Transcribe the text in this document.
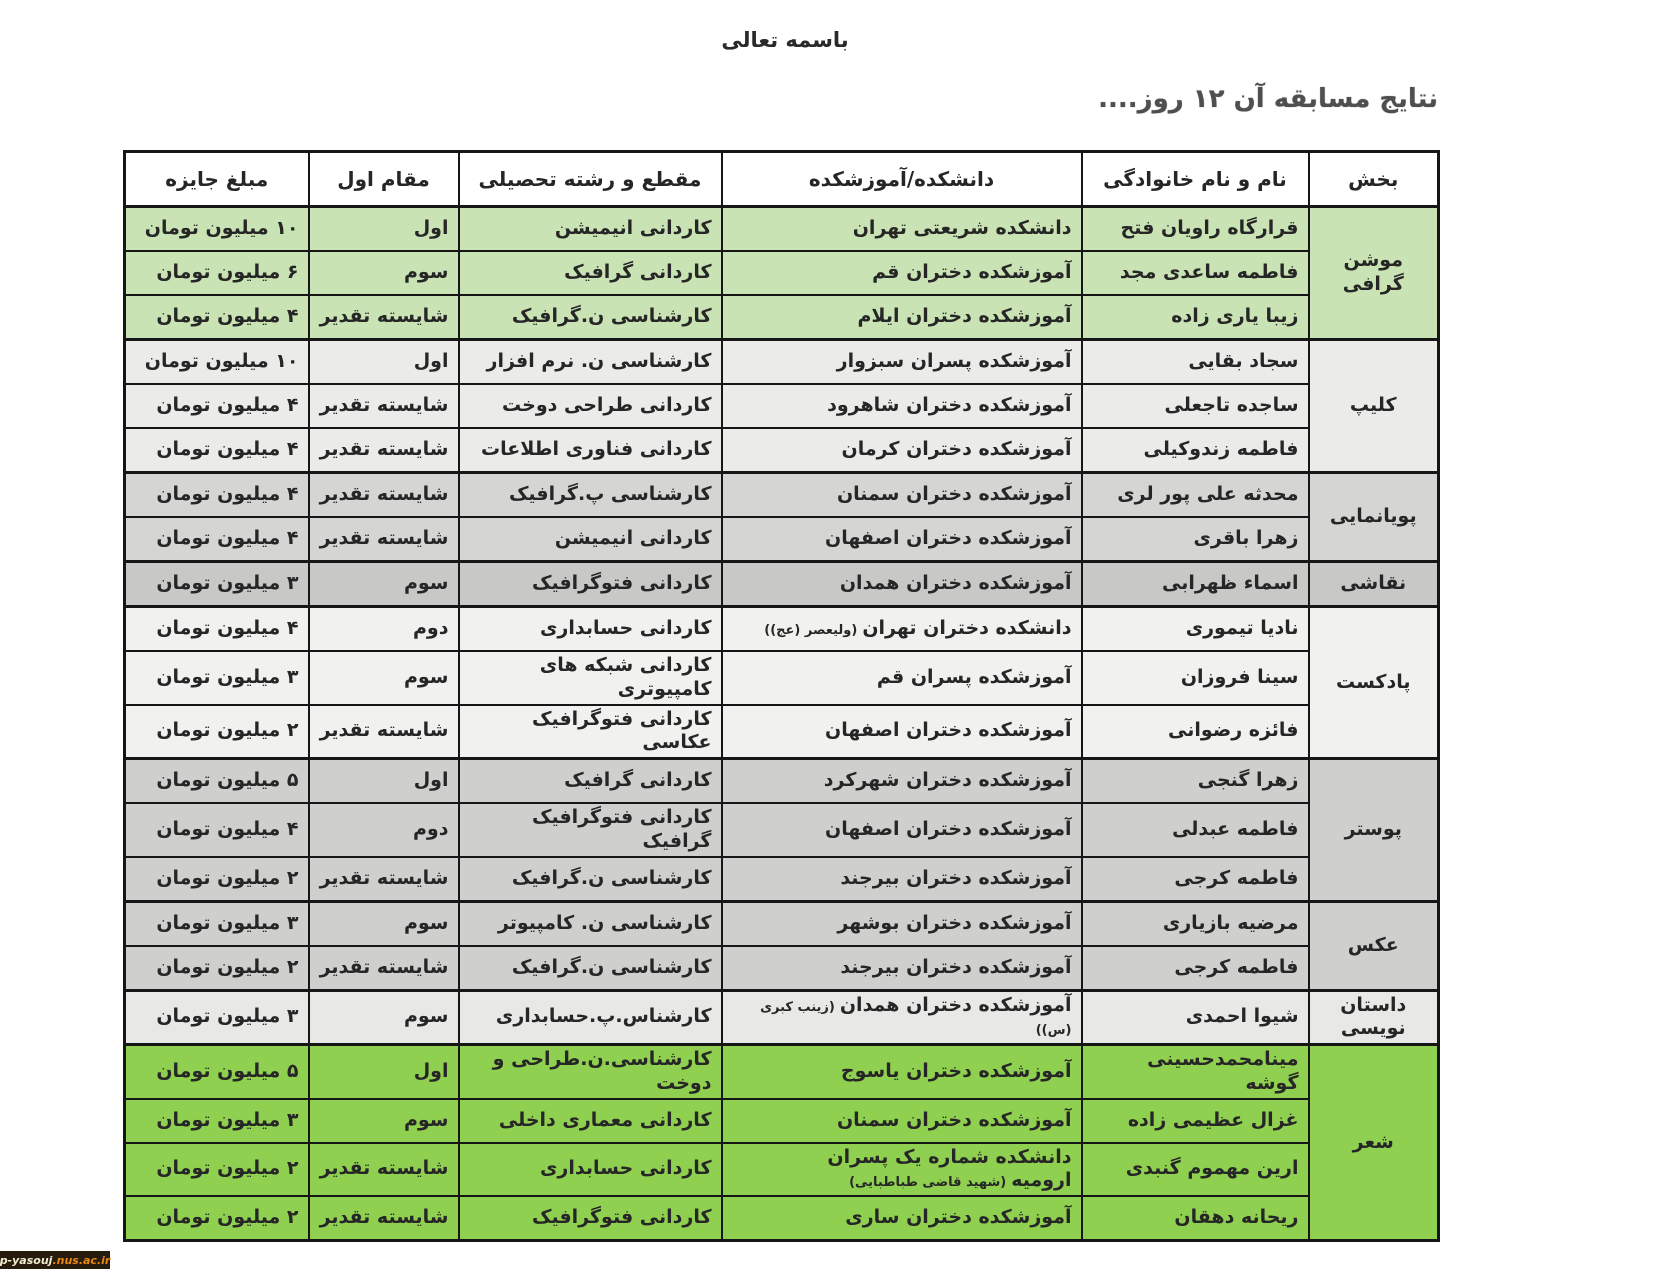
باسمه تعالی
نتایج مسابقه آن ۱۲ روز....
بخش	نام و نام خانوادگی	دانشکده/آموزشکده	مقطع و رشته تحصیلی	مقام اول	مبلغ جایزه
موشن گرافی	قرارگاه راویان فتح	دانشکده شریعتی تهران	کاردانی انیمیشن	اول	۱۰ میلیون تومان
	فاطمه ساعدی مجد	آموزشکده دختران قم	کاردانی گرافیک	سوم	۶ میلیون تومان
	زیبا یاری زاده	آموزشکده دختران ایلام	کارشناسی ن.گرافیک	شایسته تقدیر	۴ میلیون تومان
کلیپ	سجاد بقایی	آموزشکده پسران سبزوار	کارشناسی ن. نرم افزار	اول	۱۰ میلیون تومان
	ساجده تاجعلی	آموزشکده دختران شاهرود	کاردانی طراحی دوخت	شایسته تقدیر	۴ میلیون تومان
	فاطمه زندوکیلی	آموزشکده دختران کرمان	کاردانی فناوری اطلاعات	شایسته تقدیر	۴ میلیون تومان
پویانمایی	محدثه علی پور لری	آموزشکده دختران سمنان	کارشناسی پ.گرافیک	شایسته تقدیر	۴ میلیون تومان
	زهرا باقری	آموزشکده دختران اصفهان	کاردانی انیمیشن	شایسته تقدیر	۴ میلیون تومان
نقاشی	اسماء ظهرابی	آموزشکده دختران همدان	کاردانی فتوگرافیک	سوم	۳ میلیون تومان
پادکست	نادیا تیموری	دانشکده دختران تهران‏(ولیعصر (عج))	کاردانی حسابداری	دوم	۴ میلیون تومان
	سینا فروزان	آموزشکده پسران قم	کاردانی شبکه های کامپیوتری	سوم	۳ میلیون تومان
	فائزه رضوانی	آموزشکده دختران اصفهان	کاردانی فتوگرافیک عکاسی	شایسته تقدیر	۲ میلیون تومان
پوستر	زهرا گنجی	آموزشکده دختران شهرکرد	کاردانی گرافیک	اول	۵ میلیون تومان
	فاطمه عبدلی	آموزشکده دختران اصفهان	کاردانی فتوگرافیک گرافیک	دوم	۴ میلیون تومان
	فاطمه کرجی	آموزشکده دختران بیرجند	کارشناسی ن.گرافیک	شایسته تقدیر	۲ میلیون تومان
عکس	مرضیه بازیاری	آموزشکده دختران بوشهر	کارشناسی ن. کامپیوتر	سوم	۳ میلیون تومان
	فاطمه کرجی	آموزشکده دختران بیرجند	کارشناسی ن.گرافیک	شایسته تقدیر	۲ میلیون تومان
داستان نویسی	شیوا احمدی	آموزشکده دختران همدان‏(زینب کبری (س))	کارشناس.پ.حسابداری	سوم	۳ میلیون تومان
شعر	مینامحمدحسینی گوشه	آموزشکده دختران یاسوج	کارشناسی.ن.طراحی و دوخت	اول	۵ میلیون تومان
	غزال عظیمی زاده	آموزشکده دختران سمنان	کاردانی معماری داخلی	سوم	۳ میلیون تومان
	ارین مهموم گنبدی	دانشکده شماره یک پسران ارومیه‏(شهید قاضی طباطبایی)	کاردانی حسابداری	شایسته تقدیر	۲ میلیون تومان
	ریحانه دهقان	آموزشکده دختران ساری	کاردانی فتوگرافیک	شایسته تقدیر	۲ میلیون تومان
p-yasouj .nus.ac.ir
